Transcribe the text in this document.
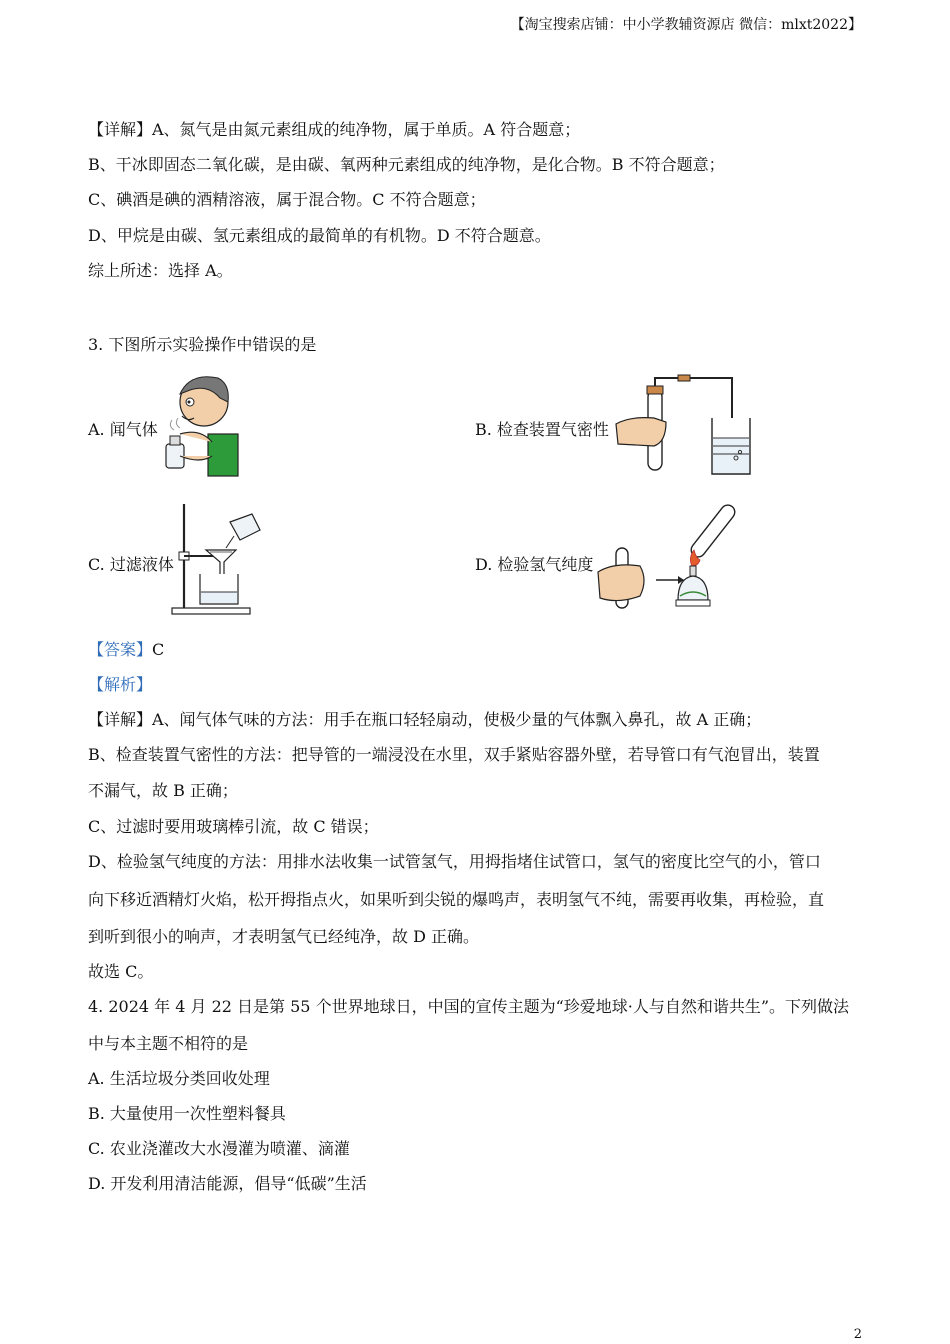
【淘宝搜索店铺：中小学教辅资源店 微信：mlxt2022】
【详解】A、氮气是由氮元素组成的纯净物，属于单质。A 符合题意；
B、干冰即固态二氧化碳，是由碳、氧两种元素组成的纯净物，是化合物。B 不符合题意；
C、碘酒是碘的酒精溶液，属于混合物。C 不符合题意；
D、甲烷是由碳、氢元素组成的最简单的有机物。D 不符合题意。
综上所述：选择 A。
3. 下图所示实验操作中错误的是
A. 闻气体	B. 检查装置气密性
C. 过滤液体	D. 检验氢气纯度
【答案】C
【解析】
【详解】A、闻气体气味的方法：用手在瓶口轻轻扇动，使极少量的气体飘入鼻孔，故 A 正确；
B、检查装置气密性的方法：把导管的一端浸没在水里，双手紧贴容器外壁，若导管口有气泡冒出，装置
不漏气，故 B 正确；
C、过滤时要用玻璃棒引流，故 C 错误；
D、检验氢气纯度的方法：用排水法收集一试管氢气，用拇指堵住试管口，氢气的密度比空气的小，管口
向下移近酒精灯火焰，松开拇指点火，如果听到尖锐的爆鸣声，表明氢气不纯，需要再收集，再检验，直
到听到很小的响声，才表明氢气已经纯净，故 D 正确。
故选 C。
4. 2024 年 4 月 22 日是第 55 个世界地球日，中国的宣传主题为“珍爱地球·人与自然和谐共生”。下列做法
中与本主题不相符的是
A. 生活垃圾分类回收处理
B. 大量使用一次性塑料餐具
C. 农业浇灌改大水漫灌为喷灌、滴灌
D. 开发利用清洁能源，倡导“低碳”生活
2
